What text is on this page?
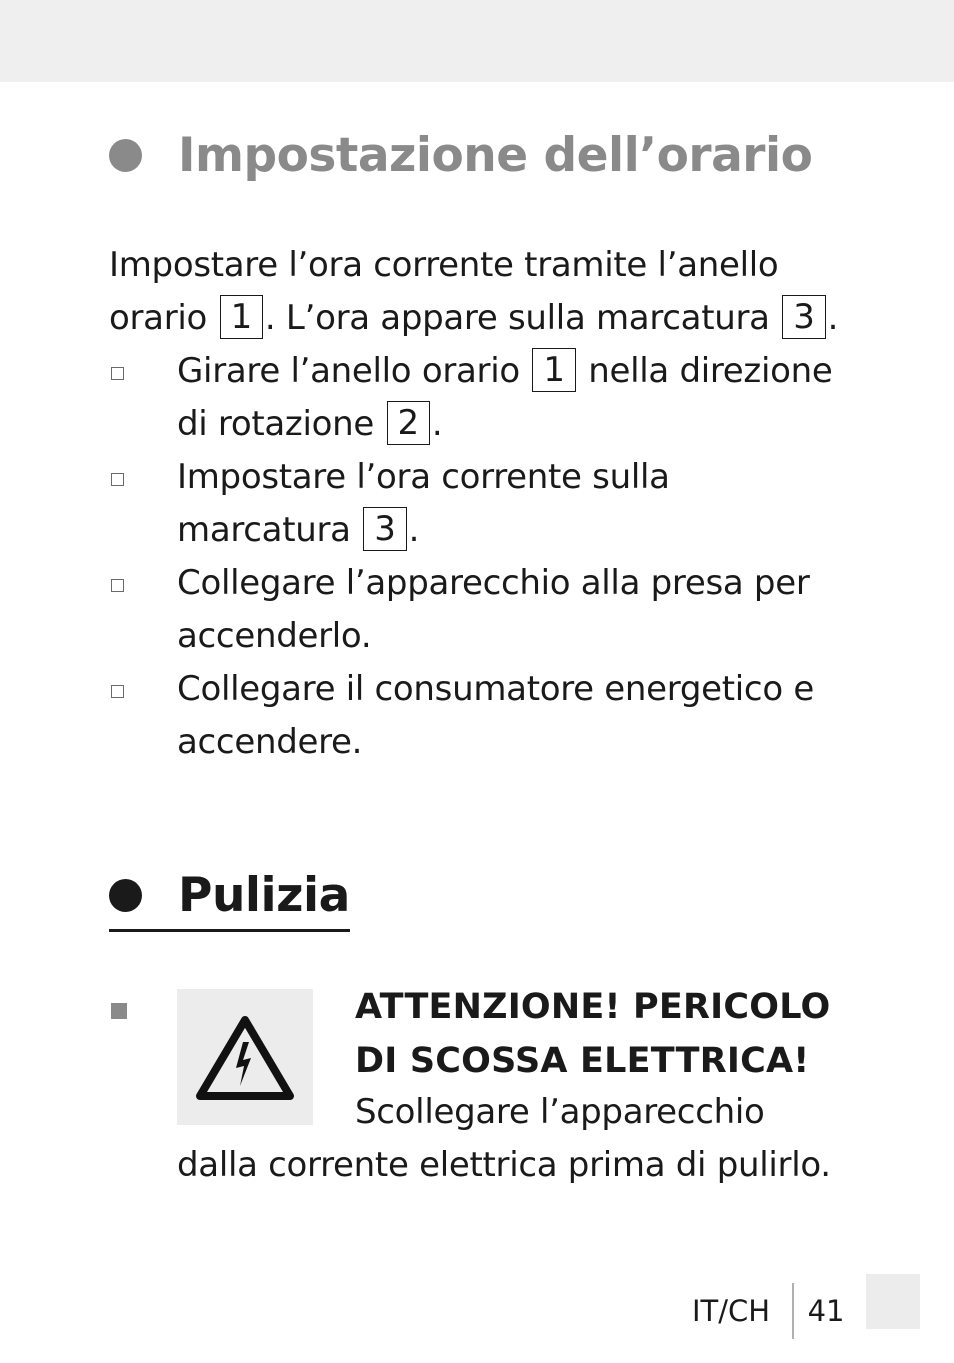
Impostazione dell’orario
Impostare l’ora corrente tramite l’anello
orario 1 . L’ora appare sulla marcatura 3 .
Girare l’anello orario 1 nella direzione
di rotazione 2 .
Impostare l’ora corrente sulla
marcatura 3 .
Collegare l’apparecchio alla presa per
accenderlo.
Collegare il consumatore energetico e
accendere.
Pulizia
ATTENZIONE! PERICOLO
DI SCOSSA ELETTRICA!
Scollegare l’apparecchio
dalla corrente elettrica prima di pulirlo.
IT/CH 41
